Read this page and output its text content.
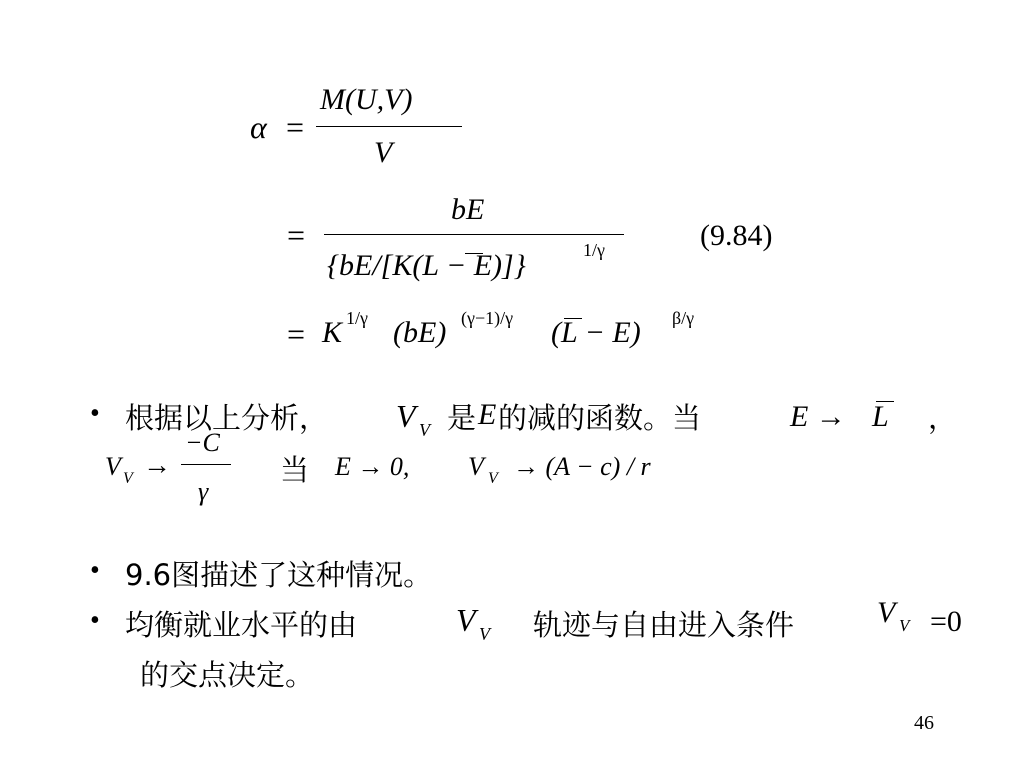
α =
M(U,V)
V
=
bE
{bE/[K(L − E)]}	1/γ	(9.84)
= K 1/γ (bE) (γ−1)/γ (L − E) β/γ
• 根据以上分析， V V 是 E 的减的函数。当	E → L ，
V V →
−C
γ
当 E → 0, V V → (A − c) / r
• 9.6图描述了这种情况。
• 均衡就业水平的由	V V 轨迹与自由进入条件	V V =0
的交点决定。
46
